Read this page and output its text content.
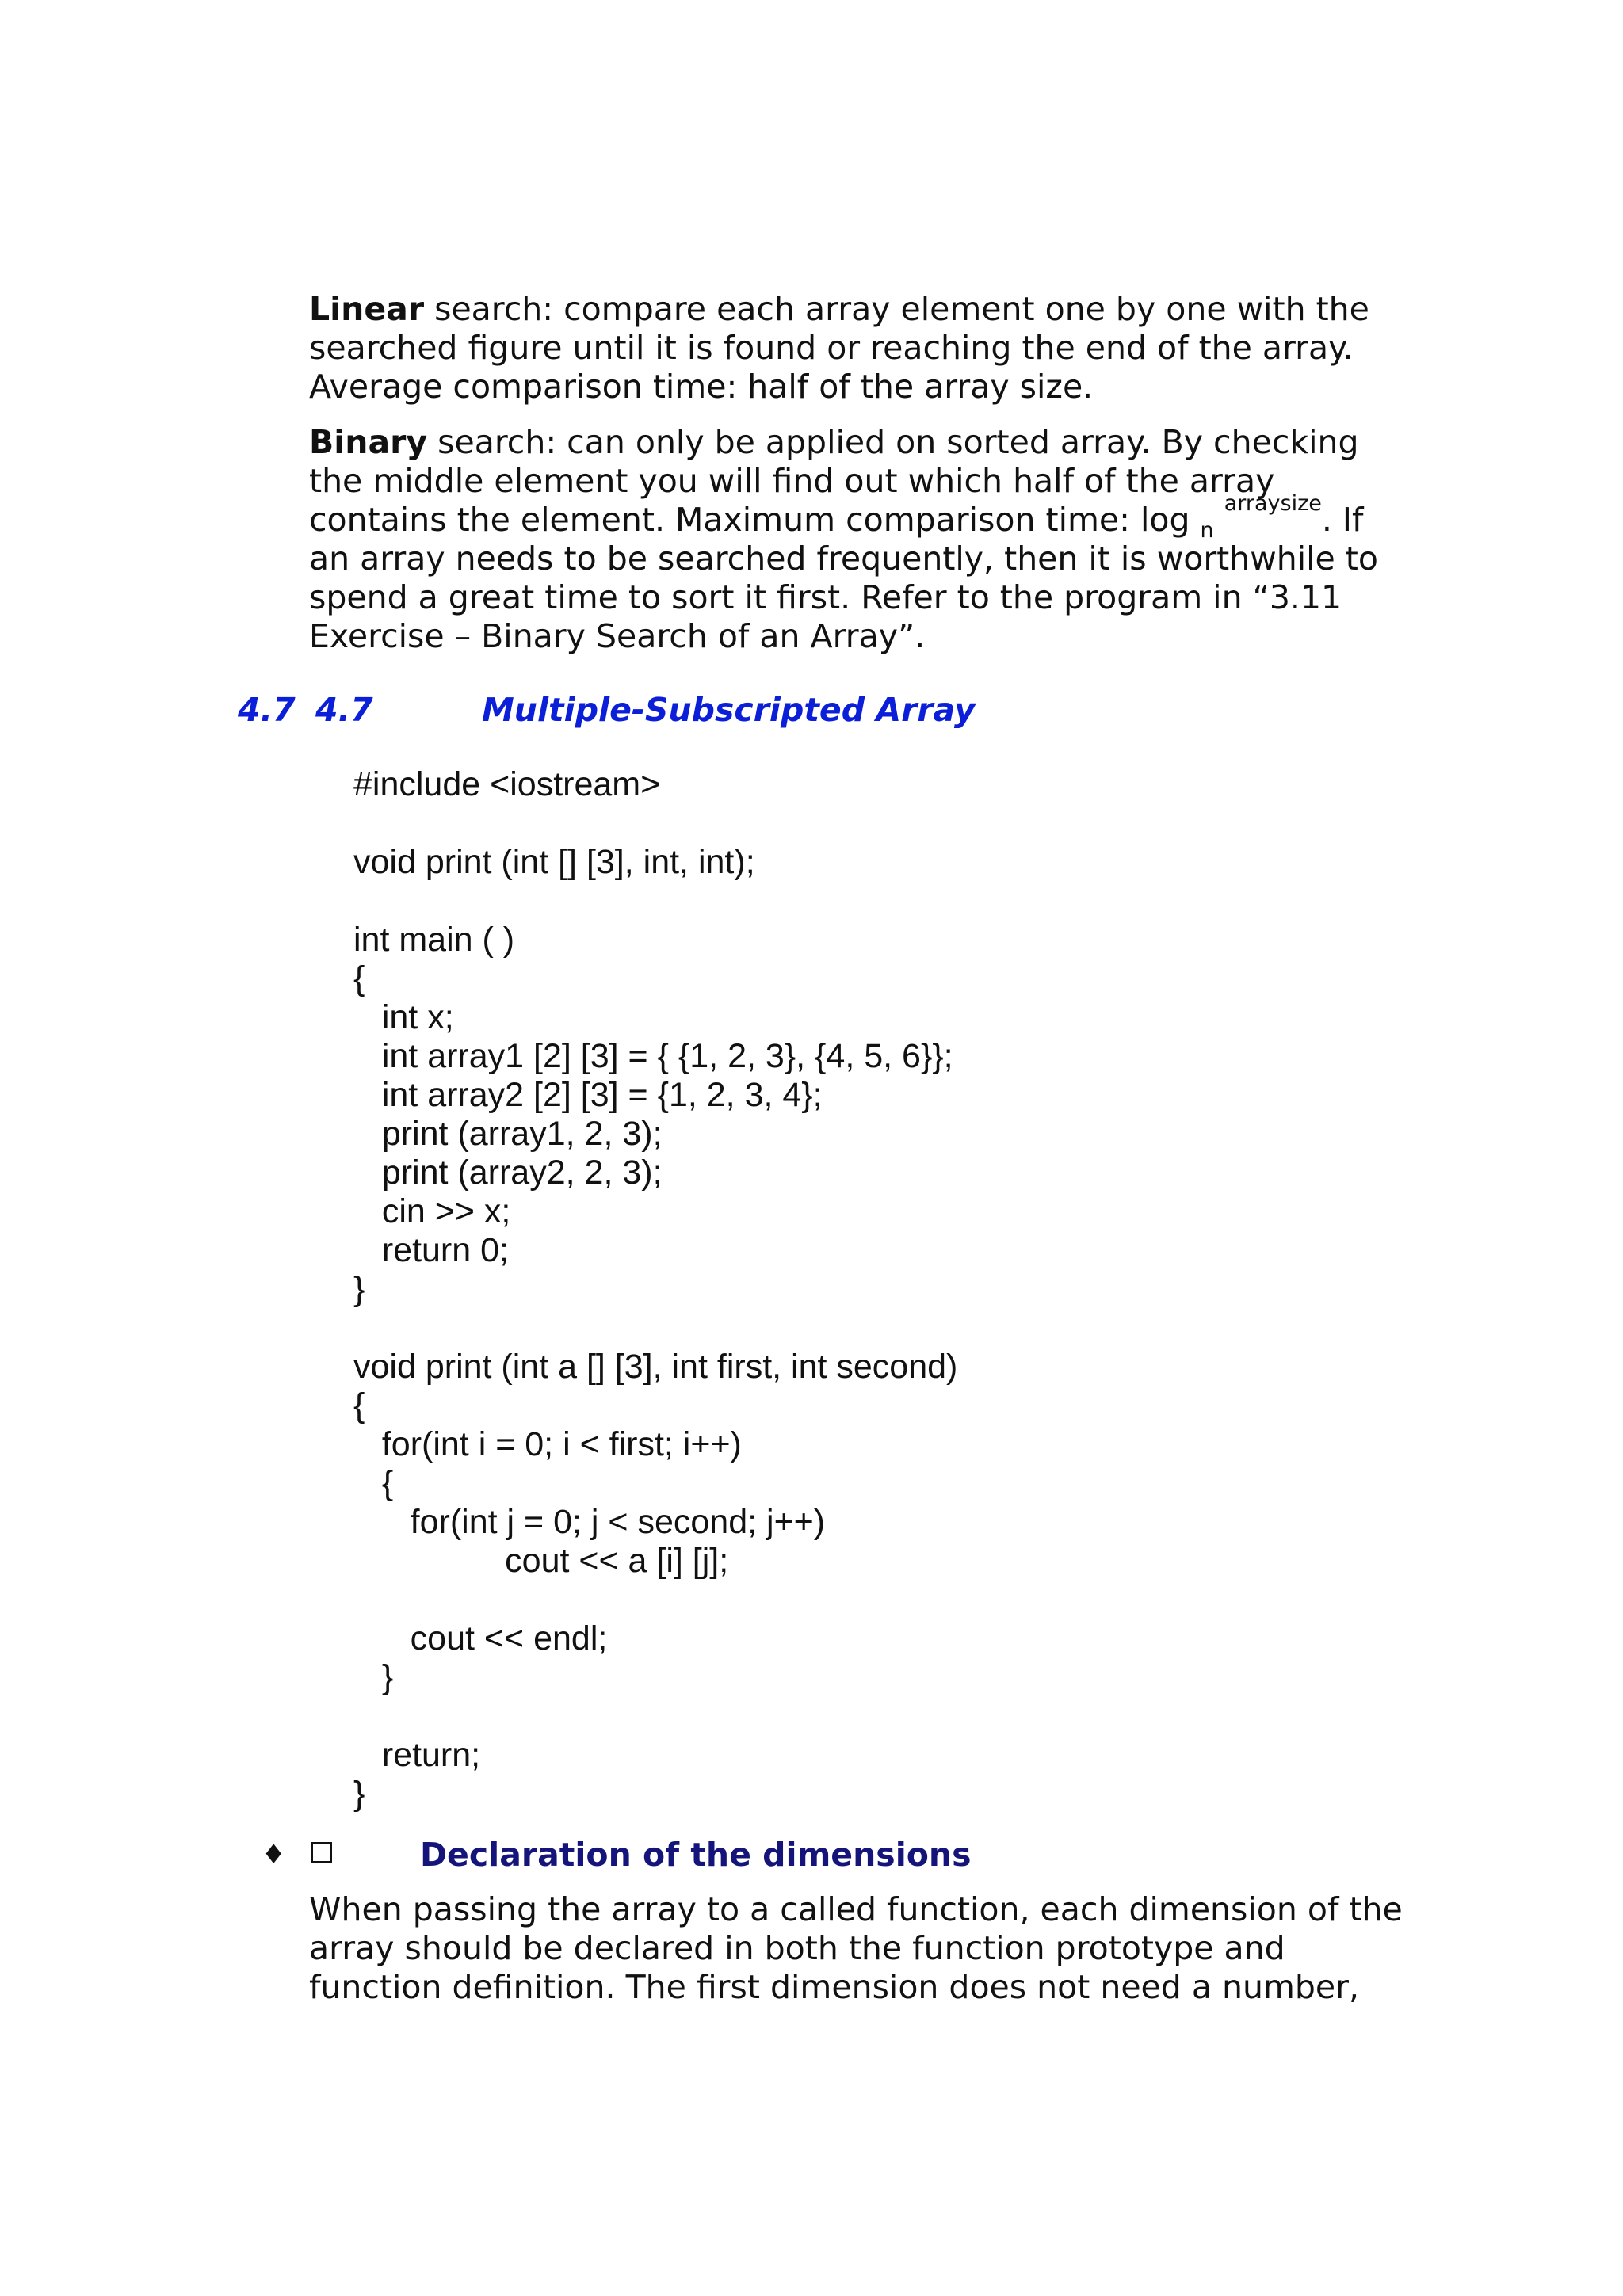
Linear search: compare each array element one by one with the searched figure until it is found or reaching the end of the array. Average comparison time: half of the array size.

Binary search: can only be applied on sorted array. By checking the middle element you will find out which half of the array contains the element. Maximum comparison time: log $_n$ $^{arraysize}$. If an array needs to be searched frequently, then it is worthwhile to spend a great time to sort it first. Refer to the program in “3.11 Exercise – Binary Search of an Array”.

4.7 4.7	Multiple-Subscripted Array
#include <iostream>
void print (int [] [3], int, int);
int main ( )
{
int x;
int array1 [2] [3] = { {1, 2, 3}, {4, 5, 6}};
int array2 [2] [3] = {1, 2, 3, 4};
print (array1, 2, 3);
print (array2, 2, 3);
cin >> x;
return 0;
}
void print (int a [] [3], int first, int second)
{
for(int i = 0; i < first; i++)
{
for(int j = 0; j < second; j++)
cout << a [i] [j];
cout << endl;
}
return;
}
♦	Declaration of the dimensions

When passing the array to a called function, each dimension of the array should be declared in both the function prototype and function definition. The first dimension does not need a number,
